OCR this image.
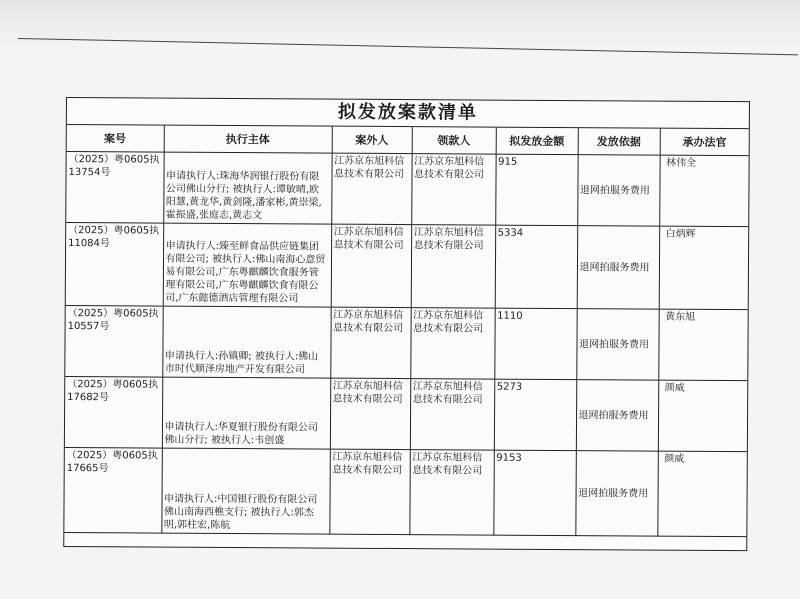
拟发放案款清单
案号	执行主体	案外人	领款人	拟发放金额	发放依据	承办法官
（2025）粤0605执13754号	申请执行人:珠海华润银行股份有限公司佛山分行; 被执行人:谭敏晴,欧阳慧,黄龙华,黄剑隆,潘家彬,黄崇梁,霍振盛,张庭志,黄志文	江苏京东旭科信息技术有限公司	江苏京东旭科信息技术有限公司	915	退网拍服务费用	林伟全
（2025）粤0605执11084号	申请执行人:臻至鲜食品供应链集团有限公司; 被执行人:佛山南海心意贸易有限公司,广东粤麒麟饮食服务管理有限公司,广东粤麒麟饮食有限公司,广东懿德酒店管理有限公司	江苏京东旭科信息技术有限公司	江苏京东旭科信息技术有限公司	5334	退网拍服务费用	白炳辉
（2025）粤0605执10557号	申请执行人:孙镇卿; 被执行人:佛山市时代顺泽房地产开发有限公司	江苏京东旭科信息技术有限公司	江苏京东旭科信息技术有限公司	1110	退网拍服务费用	黄东旭
（2025）粤0605执17682号	申请执行人:华夏银行股份有限公司佛山分行; 被执行人:韦创盛	江苏京东旭科信息技术有限公司	江苏京东旭科信息技术有限公司	5273	退网拍服务费用	颜威
（2025）粤0605执17665号	申请执行人:中国银行股份有限公司佛山南海西樵支行; 被执行人:郭杰明,郭柱宏,陈航	江苏京东旭科信息技术有限公司	江苏京东旭科信息技术有限公司	9153	退网拍服务费用	颜威
